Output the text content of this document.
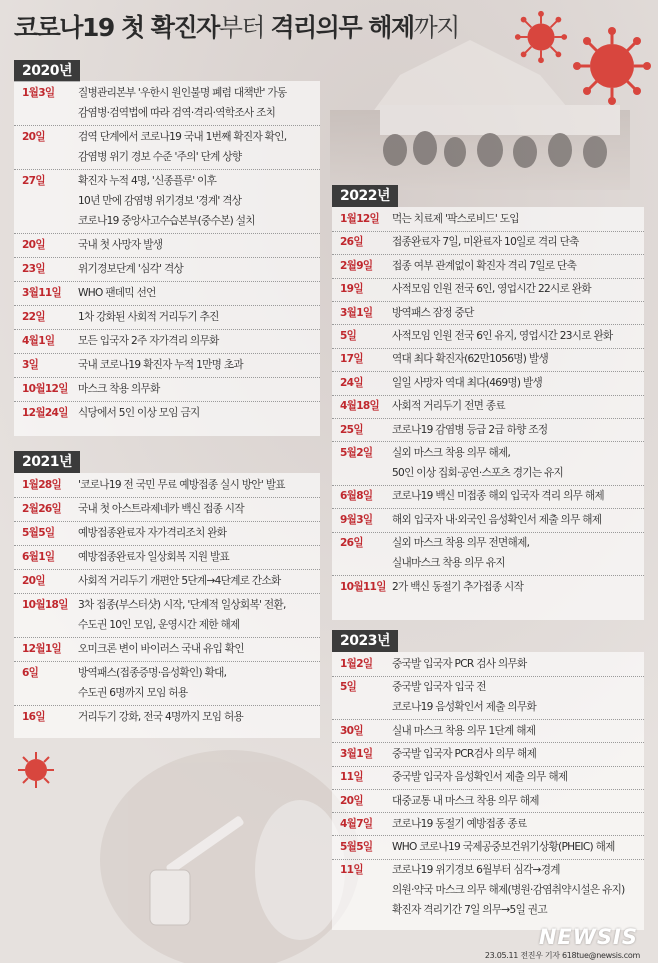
코로나19 첫 확진자부터 격리의무 해제까지
2020년
2021년
2022년
2023년
1월3일 질병관리본부 '우한시 원인불명 폐렴 대책반' 가동
감염병·검역법에 따라 검역·격리·역학조사 조치
20일	검역 단계에서 코로나19 국내 1번째 확진자 확인,
감염병 위기 경보 수준 '주의' 단계 상향
27일	확진자 누적 4명, '신종플루' 이후
10년 만에 감염병 위기경보 '경계' 격상
코로나19 중앙사고수습본부(중수본) 설치
20일	국내 첫 사망자 발생
23일	위기경보단계 '심각' 격상
3월11일 WHO 팬데믹 선언
22일	1차 강화된 사회적 거리두기 추진
4월1일 모든 입국자 2주 자가격리 의무화
3일	국내 코로나19 확진자 누적 1만명 초과
10월12일 마스크 착용 의무화
12월24일 식당에서 5인 이상 모임 금지
1월28일 '코로나19 전 국민 무료 예방접종 실시 방안' 발표
2월26일 국내 첫 아스트라제네카 백신 접종 시작
5월5일 예방접종완료자 자가격리조치 완화
6월1일 예방접종완료자 일상회복 지원 발표
20일	사회적 거리두기 개편안 5단계→4단계로 간소화
10월18일 3차 접종(부스터샷) 시작, '단계적 일상회복' 전환,
수도권 10인 모임, 운영시간 제한 해제
12월1일 오미크론 변이 바이러스 국내 유입 확인
6일	방역패스(접종증명·음성확인) 확대,
수도권 6명까지 모임 허용
16일	거리두기 강화, 전국 4명까지 모임 허용
1월12일 먹는 치료제 '팍스로비드' 도입
26일	접종완료자 7일, 미완료자 10일로 격리 단축
2월9일 접종 여부 관계없이 확진자 격리 7일로 단축
19일	사적모임 인원 전국 6인, 영업시간 22시로 완화
3월1일 방역패스 잠정 중단
5일	사적모임 인원 전국 6인 유지, 영업시간 23시로 완화
17일	역대 최다 확진자(62만1056명) 발생
24일	일일 사망자 역대 최다(469명) 발생
4월18일 사회적 거리두기 전면 종료
25일	코로나19 감염병 등급 2급 하향 조정
5월2일 실외 마스크 착용 의무 해제,
50인 이상 집회·공연·스포츠 경기는 유지
6월8일 코로나19 백신 미접종 해외 입국자 격리 의무 해제
9월3일 해외 입국자 내·외국인 음성확인서 제출 의무 해제
26일	실외 마스크 착용 의무 전면해제,
실내마스크 착용 의무 유지
10월11일 2가 백신 동절기 추가접종 시작
1월2일 중국발 입국자 PCR 검사 의무화
5일	중국발 입국자 입국 전
코로나19 음성확인서 제출 의무화
30일	실내 마스크 착용 의무 1단계 해제
3월1일 중국발 입국자 PCR검사 의무 해제
11일	중국발 입국자 음성확인서 제출 의무 해제
20일	대중교통 내 마스크 착용 의무 해제
4월7일 코로나19 동절기 예방접종 종료
5월5일 WHO 코로나19 국제공중보건위기상황(PHEIC) 해제
11일	코로나19 위기경보 6월부터 심각→경계
의원·약국 마스크 의무 해제(병원·감염취약시설은 유지)
확진자 격리기간 7일 의무→5일 권고
NEWSIS
23.05.11 전진우 기자 618tue@newsis.com
